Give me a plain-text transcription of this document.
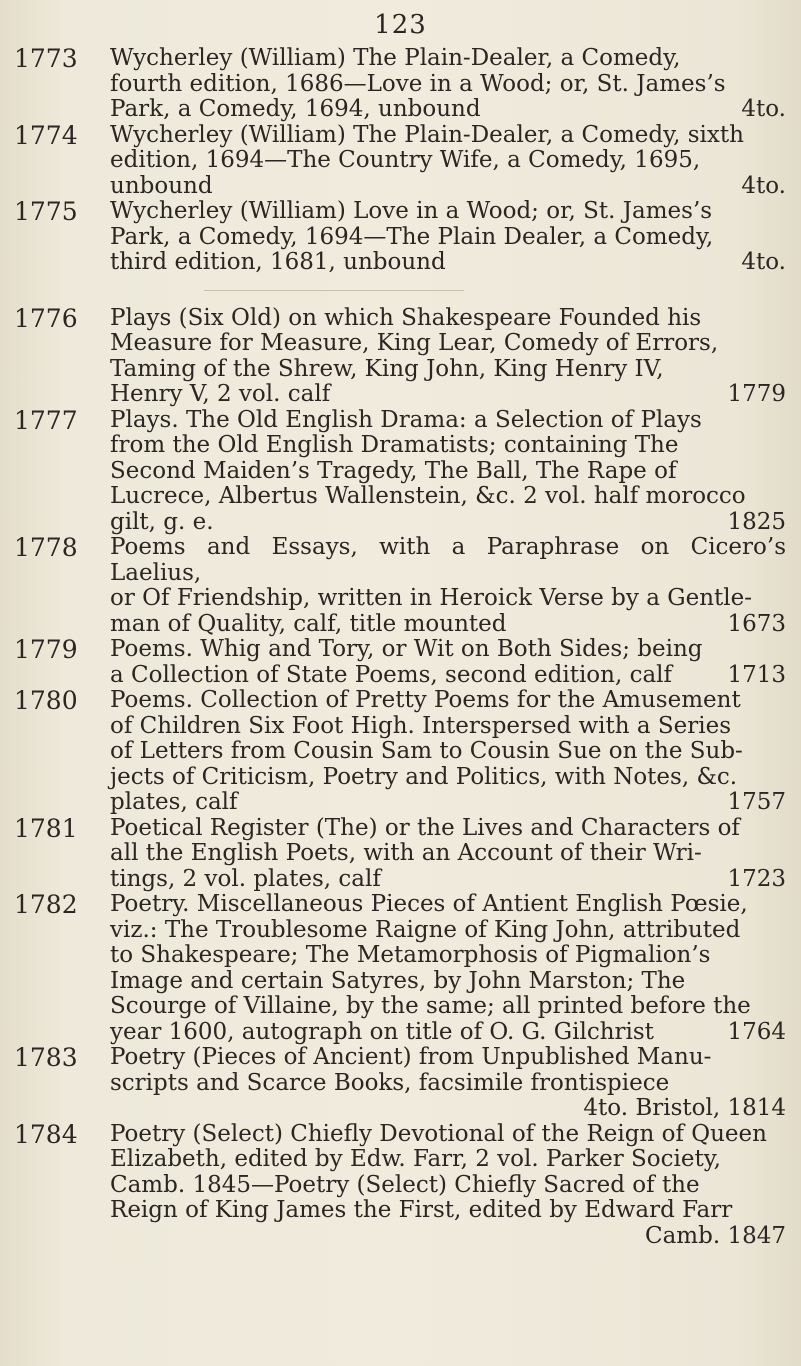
123
1773	Wycherley (William) The Plain-Dealer, a Comedy,
fourth edition, 1686—Love in a Wood; or, St. James’s
Park, a Comedy, 1694, unbound	4to.
1774	Wycherley (William) The Plain-Dealer, a Comedy, sixth
edition, 1694—The Country Wife, a Comedy, 1695,
unbound	4to.
1775	Wycherley (William) Love in a Wood; or, St. James’s
Park, a Comedy, 1694—The Plain Dealer, a Comedy,
third edition, 1681, unbound	4to.
1776	Plays (Six Old) on which Shakespeare Founded his
Measure for Measure, King Lear, Comedy of Errors,
Taming of the Shrew, King John, King Henry IV,
Henry V, 2 vol. calf	1779
1777	Plays. The Old English Drama: a Selection of Plays
from the Old English Dramatists; containing The
Second Maiden’s Tragedy, The Ball, The Rape of
Lucrece, Albertus Wallenstein, &c. 2 vol. half morocco
gilt, g. e.	1825
1778	Poems and Essays, with a Paraphrase on Cicero’s Laelius,
or Of Friendship, written in Heroick Verse by a Gentle-
man of Quality, calf, title mounted	1673
1779	Poems. Whig and Tory, or Wit on Both Sides; being
a Collection of State Poems, second edition, calf 1713
1780	Poems. Collection of Pretty Poems for the Amusement
of Children Six Foot High. Interspersed with a Series
of Letters from Cousin Sam to Cousin Sue on the Sub-
jects of Criticism, Poetry and Politics, with Notes, &c.
plates, calf	1757
1781	Poetical Register (The) or the Lives and Characters of
all the English Poets, with an Account of their Wri-
tings, 2 vol. plates, calf	1723
1782	Poetry. Miscellaneous Pieces of Antient English Pœsie,
viz.: The Troublesome Raigne of King John, attributed
to Shakespeare; The Metamorphosis of Pigmalion’s
Image and certain Satyres, by John Marston; The
Scourge of Villaine, by the same; all printed before the
year 1600, autograph on title of O. G. Gilchrist	1764
1783	Poetry (Pieces of Ancient) from Unpublished Manu-
scripts and Scarce Books, facsimile frontispiece
4to. Bristol, 1814
1784	Poetry (Select) Chiefly Devotional of the Reign of Queen
Elizabeth, edited by Edw. Farr, 2 vol. Parker Society,
Camb. 1845—Poetry (Select) Chiefly Sacred of the
Reign of King James the First, edited by Edward Farr
Camb. 1847
